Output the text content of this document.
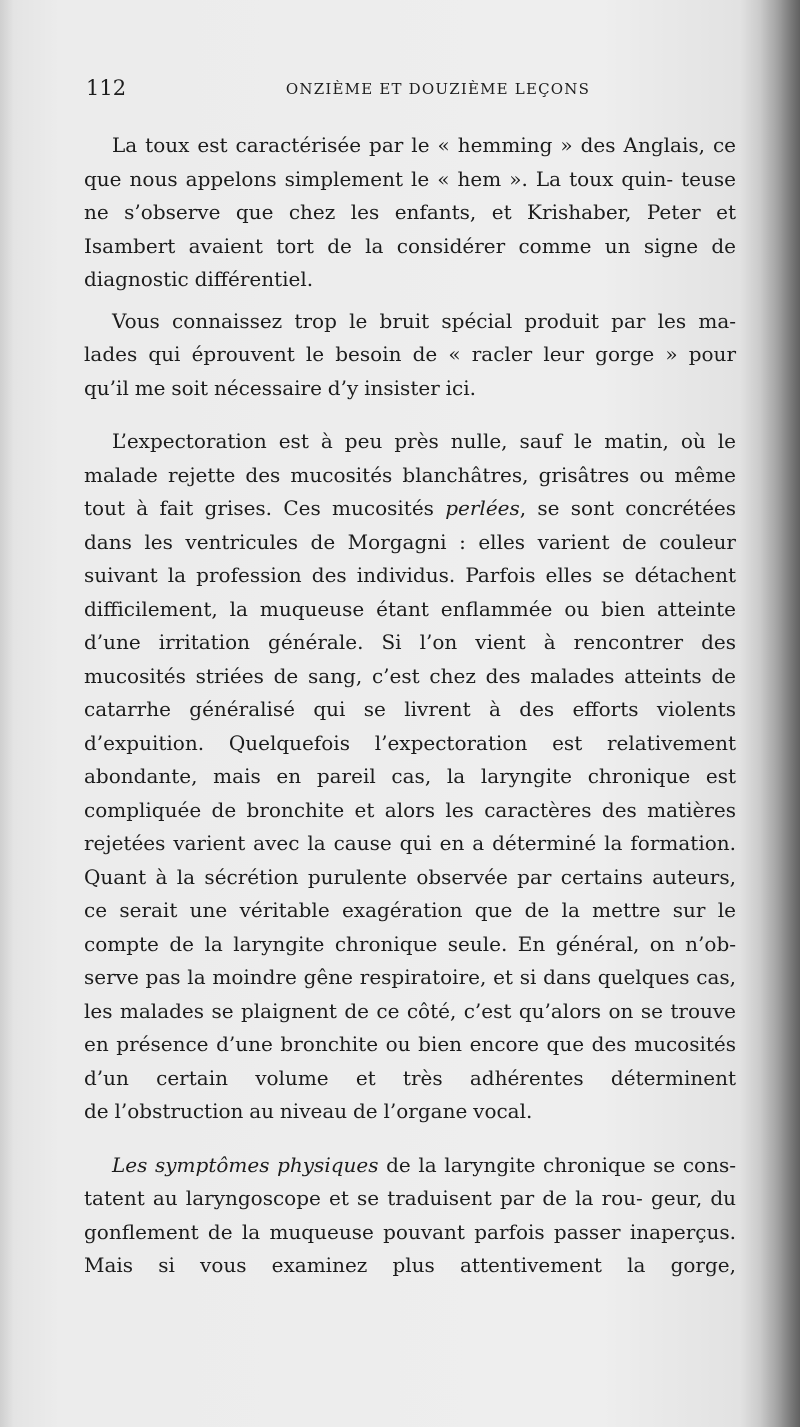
112	ONZIÈME ET DOUZIÈME LEÇONS

La toux est caractérisée par le « hemming » des Anglais, ce que nous appelons simplement le « hem ». La toux quin- teuse ne s’observe que chez les enfants, et Krishaber, Peter et Isambert avaient tort de la considérer comme un signe de

diagnostic différentiel.

Vous connaissez trop le bruit spécial produit par les ma- lades qui éprouvent le besoin de « racler leur gorge » pour

qu’il me soit nécessaire d’y insister ici.

L’expectoration est à peu près nulle, sauf le matin, où le malade rejette des mucosités blanchâtres, grisâtres ou même tout à fait grises. Ces mucosités perlées, se sont concrétées dans les ventricules de Morgagni : elles varient de couleur suivant la profession des individus. Parfois elles se détachent difficilement, la muqueuse étant enflammée ou bien atteinte d’une irritation générale. Si l’on vient à rencontrer des mucosités striées de sang, c’est chez des malades atteints de catarrhe généralisé qui se livrent à des efforts violents d’expuition. Quelquefois l’expectoration est relativement abondante, mais en pareil cas, la laryngite chronique est compliquée de bronchite et alors les caractères des matières rejetées varient avec la cause qui en a déterminé la formation. Quant à la sécrétion purulente observée par certains auteurs, ce serait une véritable exagération que de la mettre sur le compte de la laryngite chronique seule. En général, on n’ob- serve pas la moindre gêne respiratoire, et si dans quelques cas, les malades se plaignent de ce côté, c’est qu’alors on se trouve en présence d’une bronchite ou bien encore que des mucosités d’un certain volume et très adhérentes déterminent

de l’obstruction au niveau de l’organe vocal.

Les symptômes physiques de la laryngite chronique se cons- tatent au laryngoscope et se traduisent par de la rou- geur, du gonflement de la muqueuse pouvant parfois passer inaperçus. Mais si vous examinez plus attentivement la gorge,
